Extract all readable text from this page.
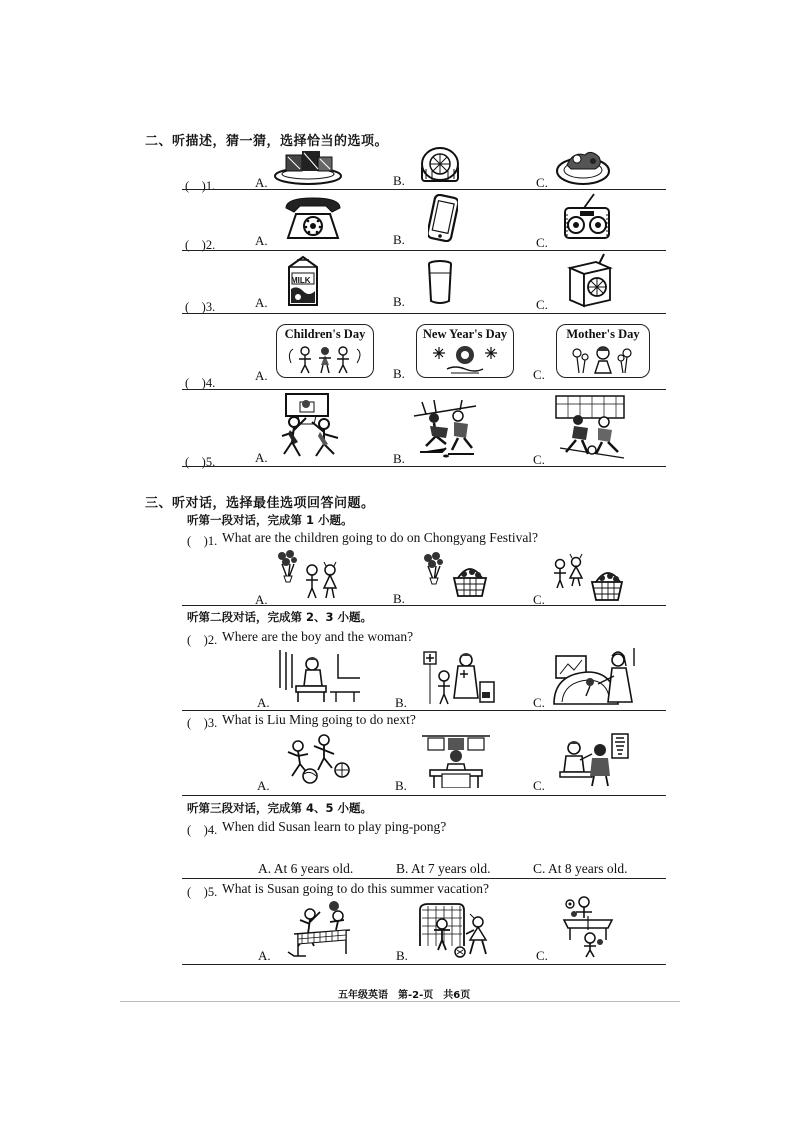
二、听描述，猜一猜，选择恰当的选项。
(　)1.	A.	B.	C.
(　)2.	A.	B.	C.
(　)3.	A.
MILK
B.	C.
(　)4.	A.
Children's Day
B.
New Year's Day
C.
Mother's Day
(　)5.	A.	B.	C.
三、听对话，选择最佳选项回答问题。
听第一段对话，完成第 1 小题。
(　)1. What are the children going to do on Chongyang Festival?
A.	B.	C.
听第二段对话，完成第 2、3 小题。
(　)2. Where are the boy and the woman?
A.	B.	C.
(　)3. What is Liu Ming going to do next?
A.	B.	C.
听第三段对话，完成第 4、5 小题。
(　)4. When did Susan learn to play ping-pong?
A. At 6 years old.	B. At 7 years old.	C. At 8 years old.
(　)5. What is Susan going to do this summer vacation?
A.	B.	C.
五年级英语　第-2-页　共6页
